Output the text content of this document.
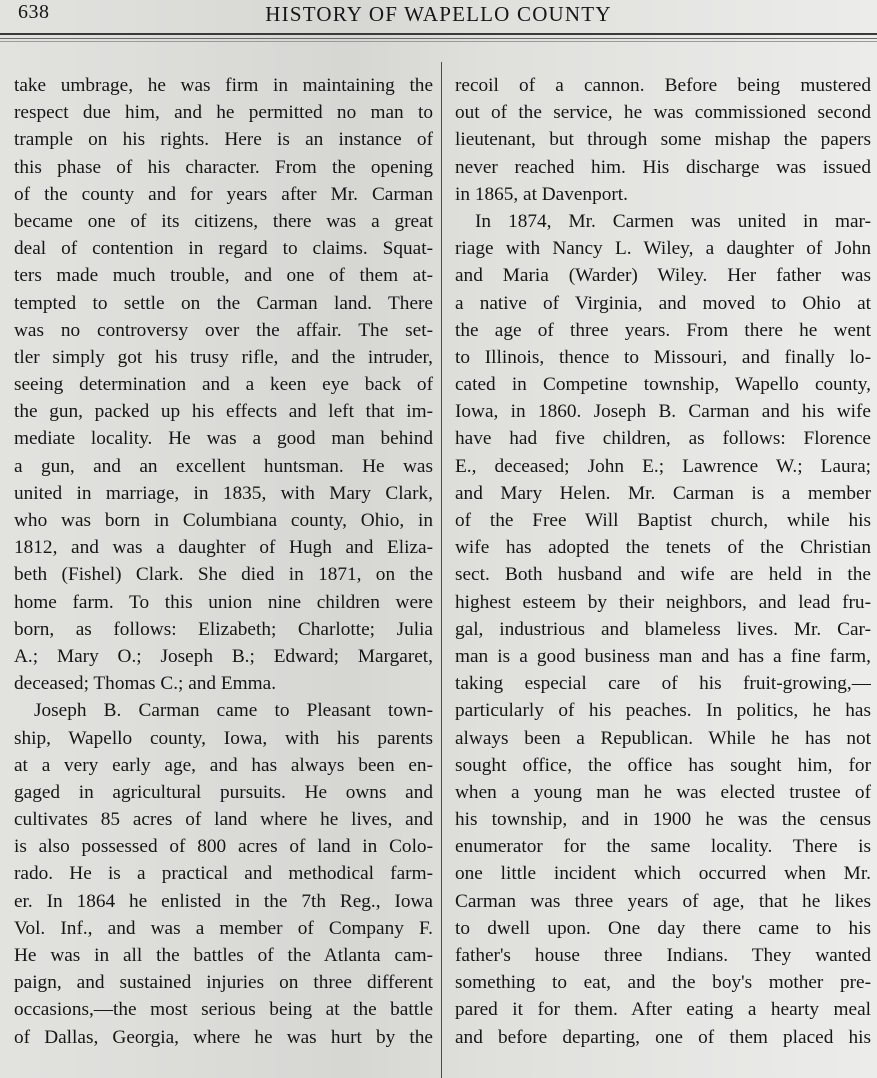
638	HISTORY OF WAPELLO COUNTY
take umbrage, he was firm in maintaining the
respect due him, and he permitted no man to
trample on his rights. Here is an instance of
this phase of his character. From the opening
of the county and for years after Mr. Carman
became one of its citizens, there was a great
deal of contention in regard to claims. Squat-
ters made much trouble, and one of them at-
tempted to settle on the Carman land. There
was no controversy over the affair. The set-
tler simply got his trusy rifle, and the intruder,
seeing determination and a keen eye back of
the gun, packed up his effects and left that im-
mediate locality. He was a good man behind
a gun, and an excellent huntsman. He was
united in marriage, in 1835, with Mary Clark,
who was born in Columbiana county, Ohio, in
1812, and was a daughter of Hugh and Eliza-
beth (Fishel) Clark. She died in 1871, on the
home farm. To this union nine children were
born, as follows: Elizabeth; Charlotte; Julia
A.; Mary O.; Joseph B.; Edward; Margaret,
deceased; Thomas C.; and Emma.
Joseph B. Carman came to Pleasant town-
ship, Wapello county, Iowa, with his parents
at a very early age, and has always been en-
gaged in agricultural pursuits. He owns and
cultivates 85 acres of land where he lives, and
is also possessed of 800 acres of land in Colo-
rado. He is a practical and methodical farm-
er. In 1864 he enlisted in the 7th Reg., Iowa
Vol. Inf., and was a member of Company F.
He was in all the battles of the Atlanta cam-
paign, and sustained injuries on three different
occasions,—the most serious being at the battle
of Dallas, Georgia, where he was hurt by the
recoil of a cannon. Before being mustered
out of the service, he was commissioned second
lieutenant, but through some mishap the papers
never reached him. His discharge was issued
in 1865, at Davenport.
In 1874, Mr. Carmen was united in mar-
riage with Nancy L. Wiley, a daughter of John
and Maria (Warder) Wiley. Her father was
a native of Virginia, and moved to Ohio at
the age of three years. From there he went
to Illinois, thence to Missouri, and finally lo-
cated in Competine township, Wapello county,
Iowa, in 1860. Joseph B. Carman and his wife
have had five children, as follows: Florence
E., deceased; John E.; Lawrence W.; Laura;
and Mary Helen. Mr. Carman is a member
of the Free Will Baptist church, while his
wife has adopted the tenets of the Christian
sect. Both husband and wife are held in the
highest esteem by their neighbors, and lead fru-
gal, industrious and blameless lives. Mr. Car-
man is a good business man and has a fine farm,
taking especial care of his fruit-growing,—
particularly of his peaches. In politics, he has
always been a Republican. While he has not
sought office, the office has sought him, for
when a young man he was elected trustee of
his township, and in 1900 he was the census
enumerator for the same locality. There is
one little incident which occurred when Mr.
Carman was three years of age, that he likes
to dwell upon. One day there came to his
father's house three Indians. They wanted
something to eat, and the boy's mother pre-
pared it for them. After eating a hearty meal
and before departing, one of them placed his
